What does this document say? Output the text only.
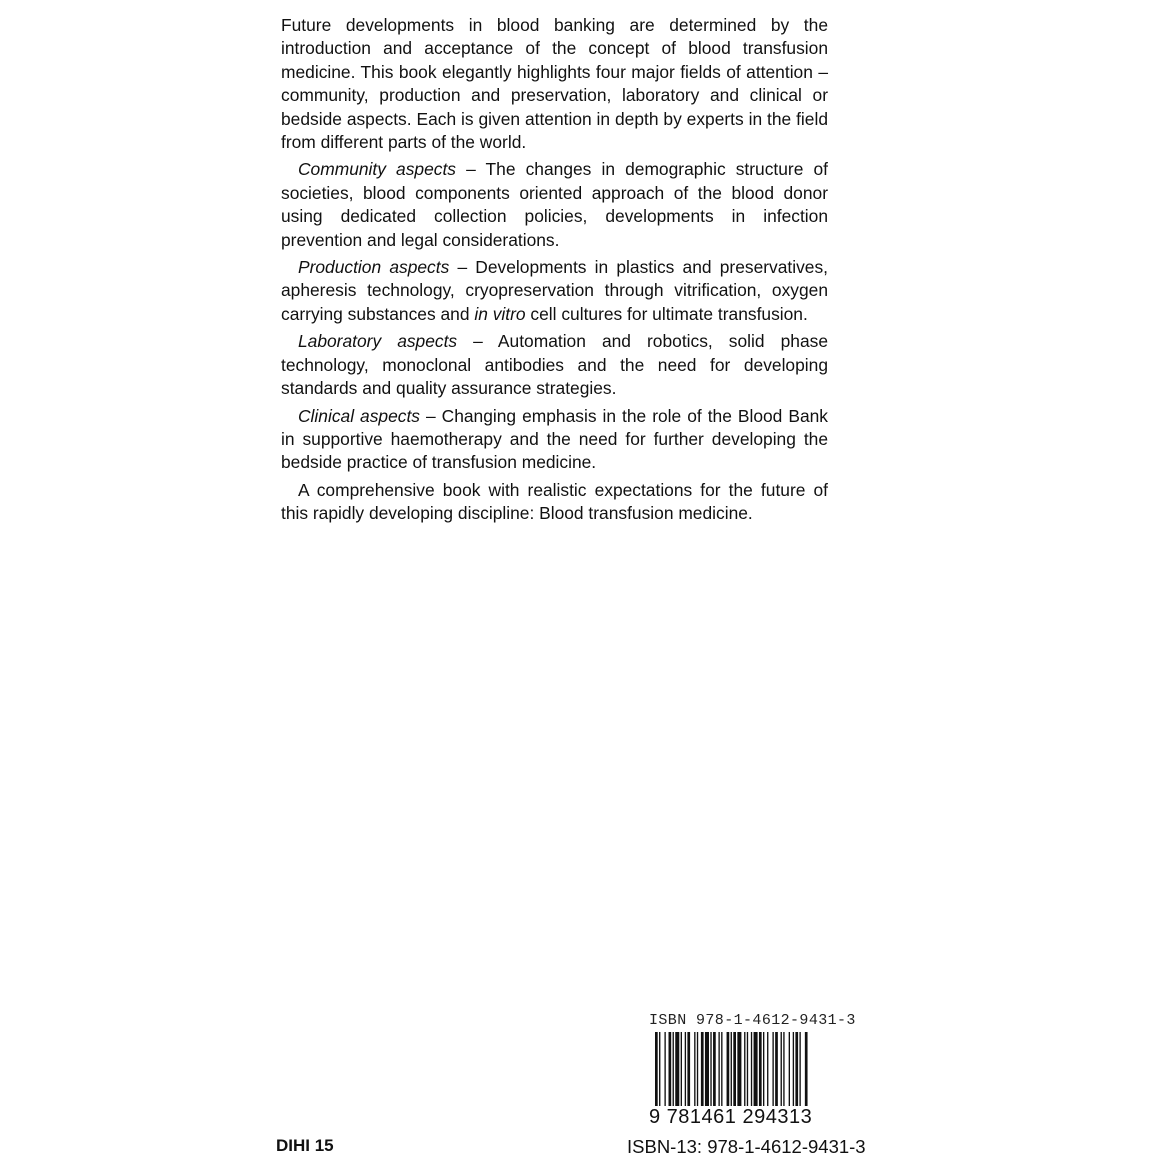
Future developments in blood banking are determined by the introduction and acceptance of the concept of blood transfusion medicine. This book elegantly highlights four major fields of attention – community, production and preservation, laboratory and clinical or bedside aspects. Each is given attention in depth by experts in the field from different parts of the world.

Community aspects – The changes in demographic structure of societies, blood components oriented approach of the blood donor using dedicated collection policies, developments in infection prevention and legal considerations.

Production aspects – Developments in plastics and preservatives, apheresis technology, cryopreservation through vitrification, oxygen carrying substances and in vitro cell cultures for ultimate transfusion.

Laboratory aspects – Automation and robotics, solid phase technology, monoclonal antibodies and the need for developing standards and quality assurance strategies.

Clinical aspects – Changing emphasis in the role of the Blood Bank in supportive haemotherapy and the need for further developing the bedside practice of transfusion medicine.

A comprehensive book with realistic expectations for the future of this rapidly developing discipline: Blood transfusion medicine.

DIHI 15
ISBN 978-1-4612-9431-3
9 781461 294313
ISBN-13: 978-1-4612-9431-3
